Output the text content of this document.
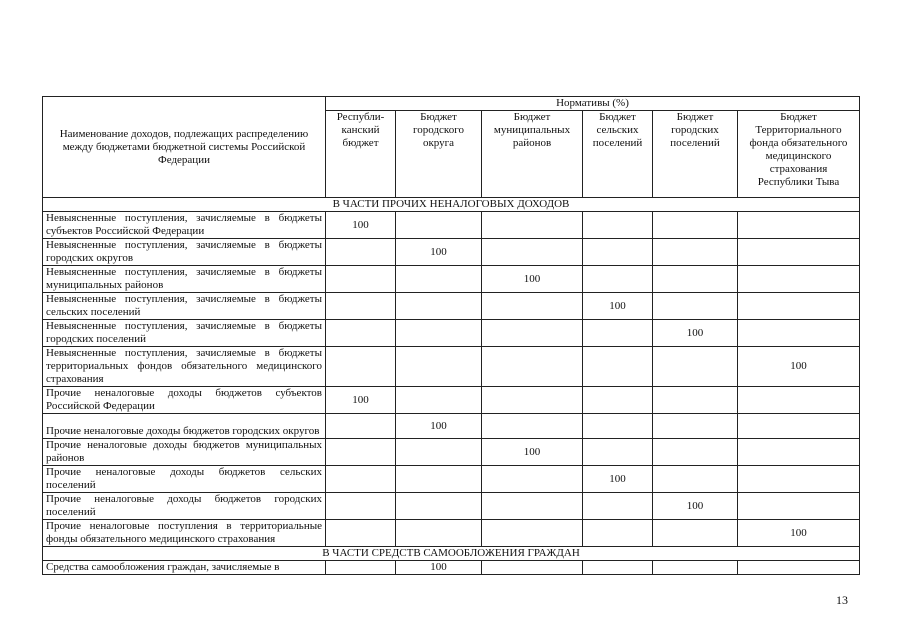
Наименование доходов, подлежащих распределению между бюджетами бюджетной системы Российской Федерации	Нормативы (%)					
	Республи-канский бюджет	Бюджет городского округа	Бюджет муниципальных районов	Бюджет сельских поселений	Бюджет городских поселений	Бюджет Территориального фонда обязательного медицинского страхования Республики Тыва
В ЧАСТИ ПРОЧИХ НЕНАЛОГОВЫХ ДОХОДОВ						
Невыясненные поступления, зачисляемые в бюджеты субъектов Российской Федерации	100					
Невыясненные поступления, зачисляемые в бюджеты городских округов		100				
Невыясненные поступления, зачисляемые в бюджеты муниципальных районов			100			
Невыясненные поступления, зачисляемые в бюджеты сельских поселений				100		
Невыясненные поступления, зачисляемые в бюджеты городских поселений					100	
Невыясненные поступления, зачисляемые в бюджеты территориальных фондов обязательного медицинского страхования						100
Прочие неналоговые доходы бюджетов субъектов Российской Федерации	100					
Прочие неналоговые доходы бюджетов городских округов		100				
Прочие неналоговые доходы бюджетов муниципальных районов			100			
Прочие неналоговые доходы бюджетов сельских поселений				100		
Прочие неналоговые доходы бюджетов городских поселений					100	
Прочие неналоговые поступления в территориальные фонды обязательного медицинского страхования						100
В ЧАСТИ СРЕДСТВ САМООБЛОЖЕНИЯ ГРАЖДАН						
Средства самообложения граждан, зачисляемые в		100				
13
